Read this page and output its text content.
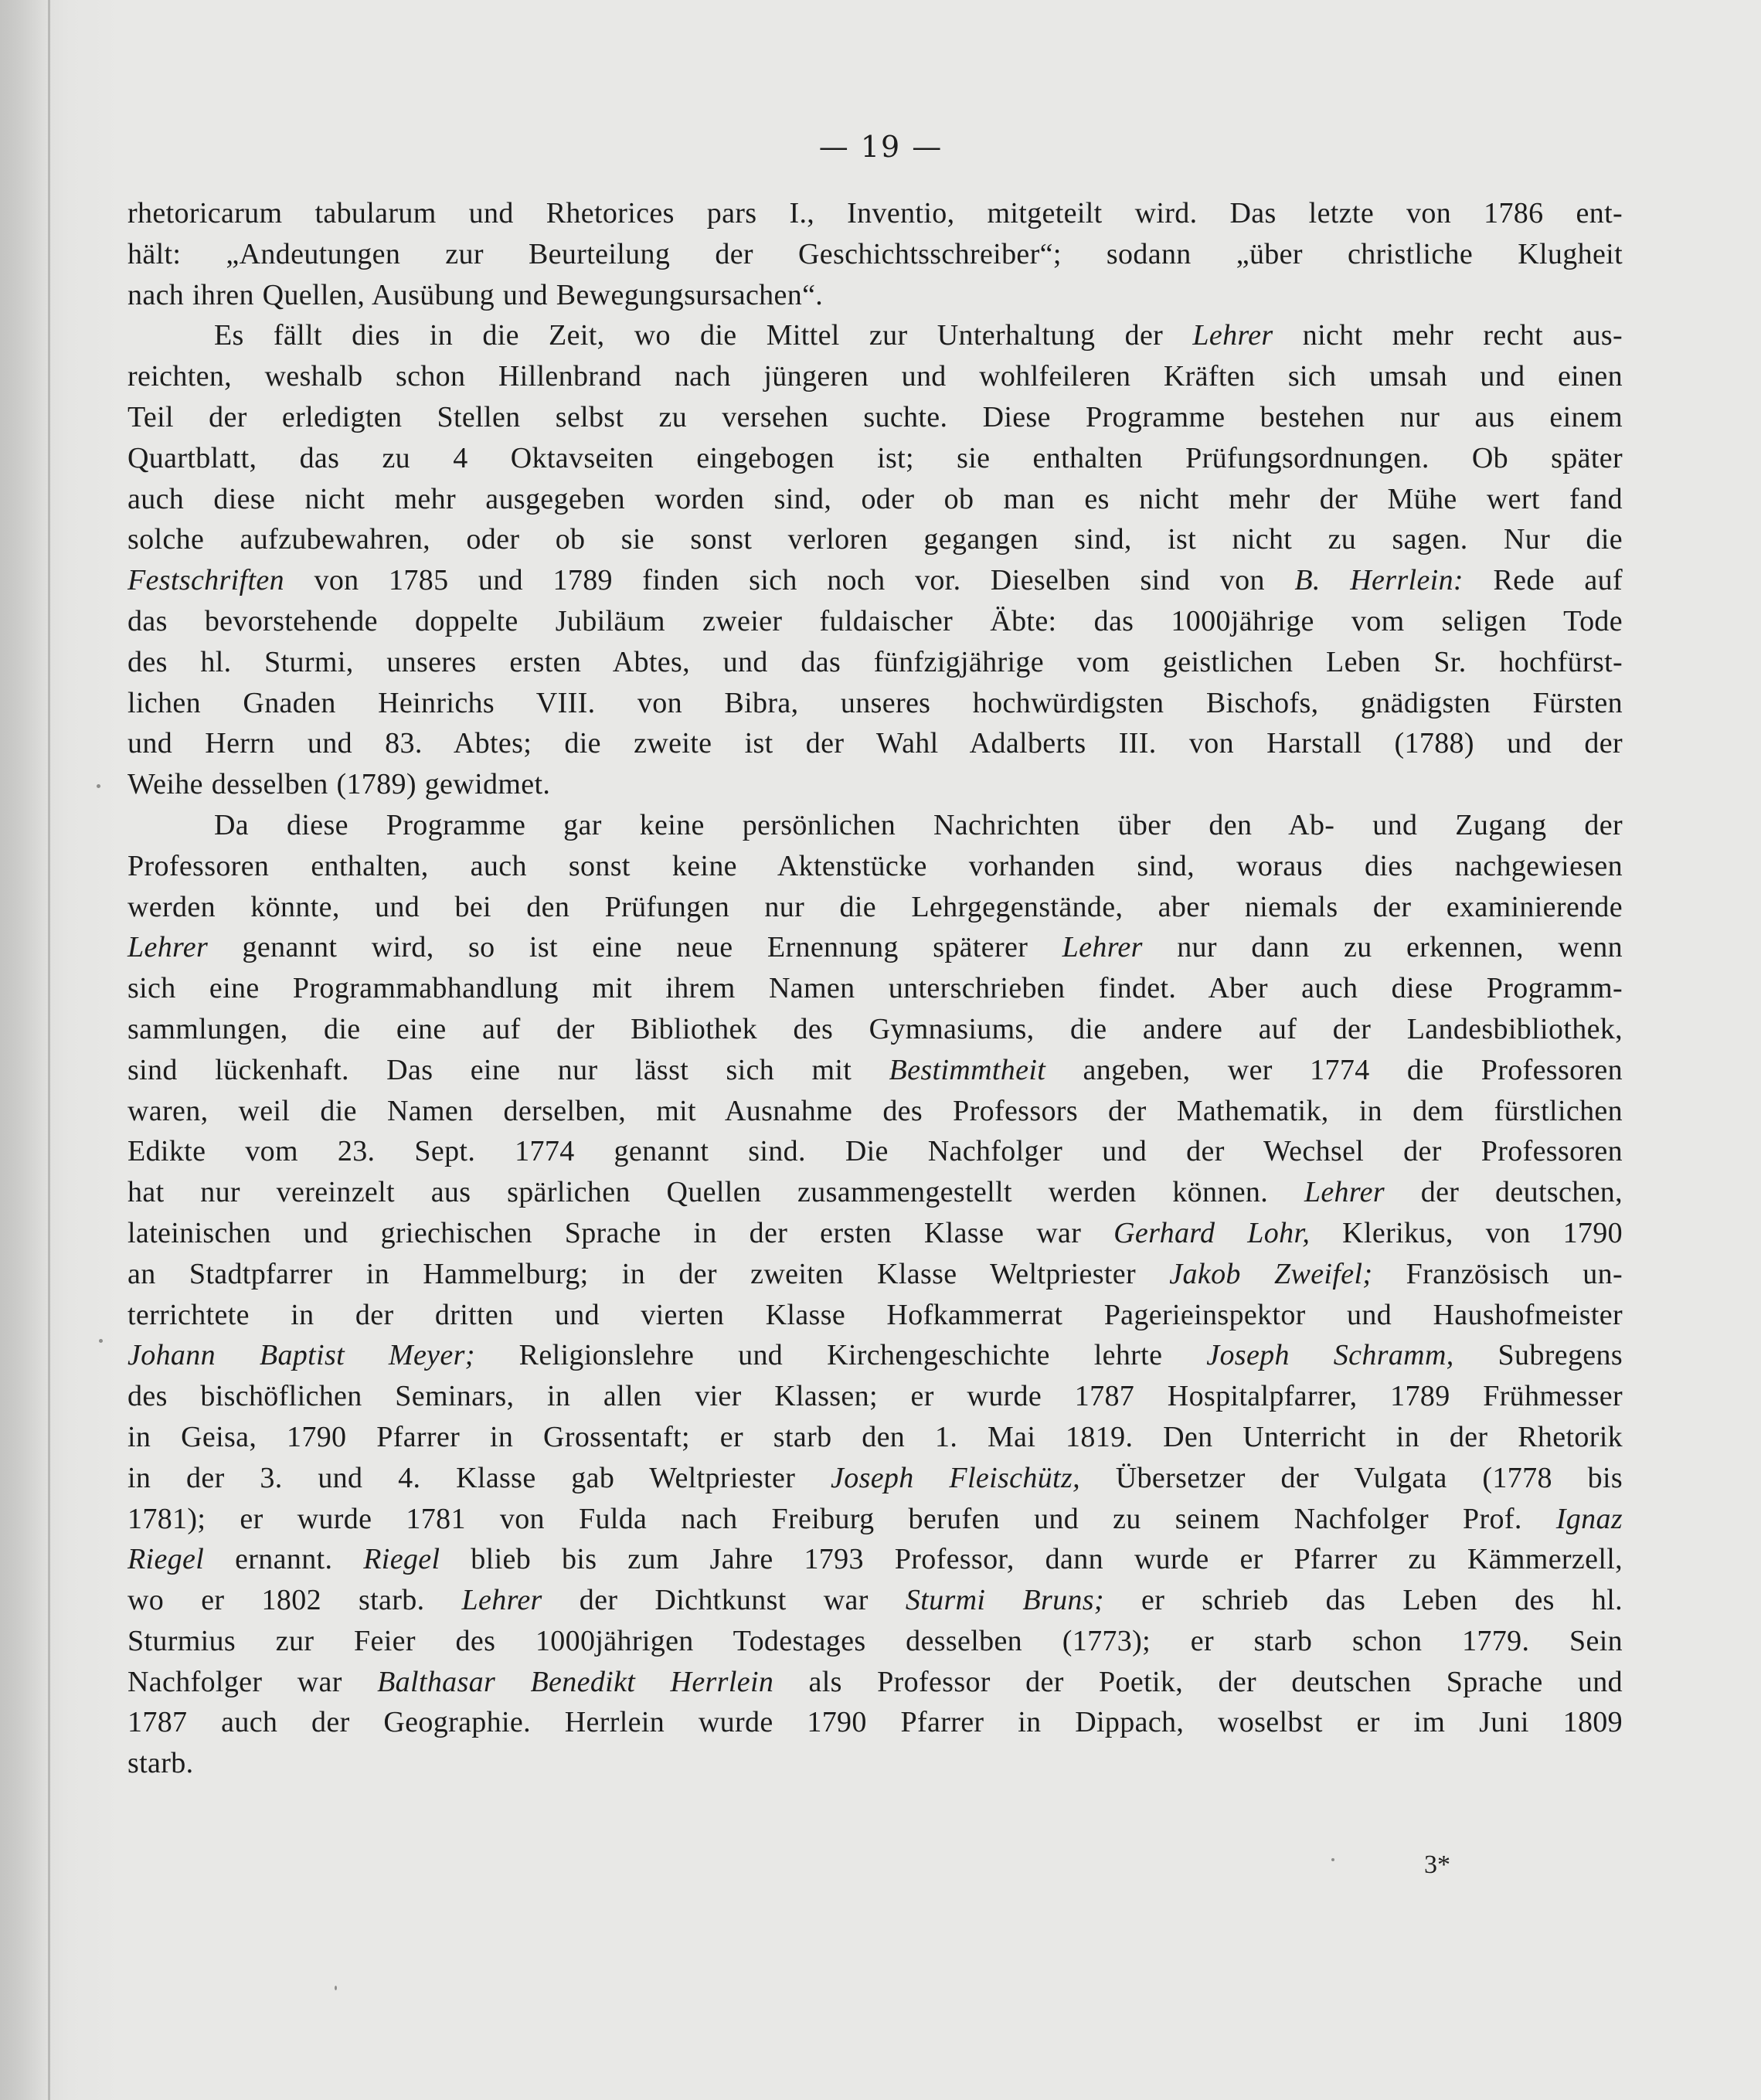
— 19 —
rhetoricarum tabularum und Rhetorices pars I., Inventio, mitgeteilt wird. Das letzte von 1786 ent-
hält: „Andeutungen zur Beurteilung der Geschichtsschreiber“; sodann „über christliche Klugheit
nach ihren Quellen, Ausübung und Bewegungsursachen“.
Es fällt dies in die Zeit, wo die Mittel zur Unterhaltung der Lehrer nicht mehr recht aus-
reichten, weshalb schon Hillenbrand nach jüngeren und wohlfeileren Kräften sich umsah und einen
Teil der erledigten Stellen selbst zu versehen suchte. Diese Programme bestehen nur aus einem
Quartblatt, das zu 4 Oktavseiten eingebogen ist; sie enthalten Prüfungsordnungen. Ob später
auch diese nicht mehr ausgegeben worden sind, oder ob man es nicht mehr der Mühe wert fand
solche aufzubewahren, oder ob sie sonst verloren gegangen sind, ist nicht zu sagen. Nur die
Festschriften von 1785 und 1789 finden sich noch vor. Dieselben sind von B. Herrlein: Rede auf
das bevorstehende doppelte Jubiläum zweier fuldaischer Äbte: das 1000jährige vom seligen Tode
des hl. Sturmi, unseres ersten Abtes, und das fünfzigjährige vom geistlichen Leben Sr. hochfürst-
lichen Gnaden Heinrichs VIII. von Bibra, unseres hochwürdigsten Bischofs, gnädigsten Fürsten
und Herrn und 83. Abtes; die zweite ist der Wahl Adalberts III. von Harstall (1788) und der
Weihe desselben (1789) gewidmet.
Da diese Programme gar keine persönlichen Nachrichten über den Ab- und Zugang der
Professoren enthalten, auch sonst keine Aktenstücke vorhanden sind, woraus dies nachgewiesen
werden könnte, und bei den Prüfungen nur die Lehrgegenstände, aber niemals der examinierende
Lehrer genannt wird, so ist eine neue Ernennung späterer Lehrer nur dann zu erkennen, wenn
sich eine Programmabhandlung mit ihrem Namen unterschrieben findet. Aber auch diese Programm-
sammlungen, die eine auf der Bibliothek des Gymnasiums, die andere auf der Landesbibliothek,
sind lückenhaft. Das eine nur lässt sich mit Bestimmtheit angeben, wer 1774 die Professoren
waren, weil die Namen derselben, mit Ausnahme des Professors der Mathematik, in dem fürstlichen
Edikte vom 23. Sept. 1774 genannt sind. Die Nachfolger und der Wechsel der Professoren
hat nur vereinzelt aus spärlichen Quellen zusammengestellt werden können. Lehrer der deutschen,
lateinischen und griechischen Sprache in der ersten Klasse war Gerhard Lohr, Klerikus, von 1790
an Stadtpfarrer in Hammelburg; in der zweiten Klasse Weltpriester Jakob Zweifel; Französisch un-
terrichtete in der dritten und vierten Klasse Hofkammerrat Pagerieinspektor und Haushofmeister
Johann Baptist Meyer; Religionslehre und Kirchengeschichte lehrte Joseph Schramm, Subregens
des bischöflichen Seminars, in allen vier Klassen; er wurde 1787 Hospitalpfarrer, 1789 Frühmesser
in Geisa, 1790 Pfarrer in Grossentaft; er starb den 1. Mai 1819. Den Unterricht in der Rhetorik
in der 3. und 4. Klasse gab Weltpriester Joseph Fleischütz, Übersetzer der Vulgata (1778 bis
1781); er wurde 1781 von Fulda nach Freiburg berufen und zu seinem Nachfolger Prof. Ignaz
Riegel ernannt. Riegel blieb bis zum Jahre 1793 Professor, dann wurde er Pfarrer zu Kämmerzell,
wo er 1802 starb. Lehrer der Dichtkunst war Sturmi Bruns; er schrieb das Leben des hl.
Sturmius zur Feier des 1000jährigen Todestages desselben (1773); er starb schon 1779. Sein
Nachfolger war Balthasar Benedikt Herrlein als Professor der Poetik, der deutschen Sprache und
1787 auch der Geographie. Herrlein wurde 1790 Pfarrer in Dippach, woselbst er im Juni 1809
starb.
3*
